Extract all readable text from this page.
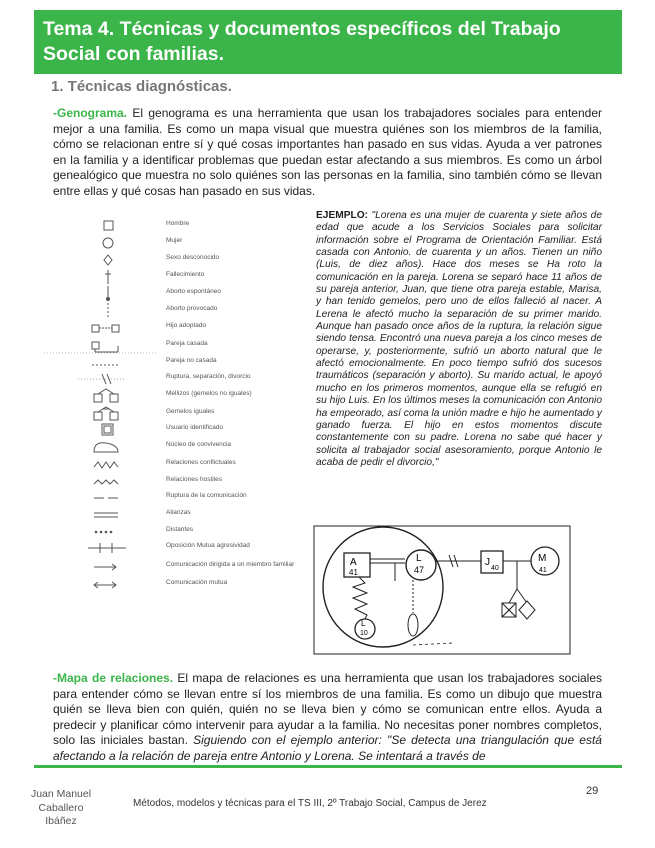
Tema 4. Técnicas y documentos específicos del Trabajo Social con familias.
1. Técnicas diagnósticas.

-Genograma. El genograma es una herramienta que usan los trabajadores sociales para entender mejor a una familia. Es como un mapa visual que muestra quiénes son los miembros de la familia, cómo se relacionan entre sí y qué cosas importantes han pasado en sus vidas. Ayuda a ver patrones en la familia y a identificar problemas que puedan estar afectando a sus miembros. Es como un árbol genealógico que muestra no solo quiénes son las personas en la familia, sino también cómo se llevan entre ellas y qué cosas han pasado en sus vidas.

Hombre
Mujer
Sexo desconocido
Fallecimiento
Aborto espontáneo
Aborto provocado
Hijo adoptado
Pareja casada
Pareja no casada
Ruptura, separación, divorcio
Mellizos (gemelos no iguales)
Gemelos iguales
Usuario identificado
Núcleo de convivencia
Relaciones conflictuales
Relaciones hostiles
Ruptura de la comunicación
Alianzas
Distantes
Oposición Mutua agresividad
Comunicación dirigida a un miembro familiar
Comunicación mutua

EJEMPLO: "Lorena es una mujer de cuarenta y siete años de edad que acude a los Servicios Sociales para solicitar información sobre el Programa de Orientación Familiar. Está casada con Antonio. de cuarenta y un años. Tienen un niño (Luis, de diez años). Hace dos meses se Ha roto la comunicación en la pareja. Lorena se separó hace 11 años de su pareja anterior, Juan, que tiene otra pareja estable, Marisa, y han tenido gemelos, pero uno de ellos falleció al nacer. A Lerena le afectó mucho la separación de su primer marido. Aunque han pasado once años de la ruptura, la relación sigue siendo tensa. Encontró una nueva pareja a los cinco meses de operarse, y, posteriormente, sufrió un aborto natural que le afectó emocionalmente. En poco tiempo sufrió dos sucesos traumáticos (separación y aborto). Su marido actual, le apoyó mucho en los primeros momentos, aunque ella se refugió en su hijo Luis. En los últimos meses la comunicación con Antonio ha empeorado, así coma la unión madre e hijo he aumentado y ganado fuerza. El hijo en estos momentos discute constantemente con su padre. Lorena no sabe qué hacer y solicita al trabajador social asesoramiento, porque Antonio le acaba de pedir el divorcio,"

A
41
L
47
J
40
M
41
L
10

-Mapa de relaciones. El mapa de relaciones es una herramienta que usan los trabajadores sociales para entender cómo se llevan entre sí los miembros de una familia. Es como un dibujo que muestra quién se lleva bien con quién, quién no se lleva bien y cómo se comunican entre ellos. Ayuda a predecir y planificar cómo intervenir para ayudar a la familia. No necesitas poner nombres completos, solo las iniciales bastan. Siguiendo con el ejemplo anterior: "Se detecta una triangulación que está afectando a la relación de pareja entre Antonio y Lorena. Se intentará a través de

Juan Manuel Caballero Ibáñez

Métodos, modelos y técnicas para el TS III, 2º Trabajo Social, Campus de Jerez

29
